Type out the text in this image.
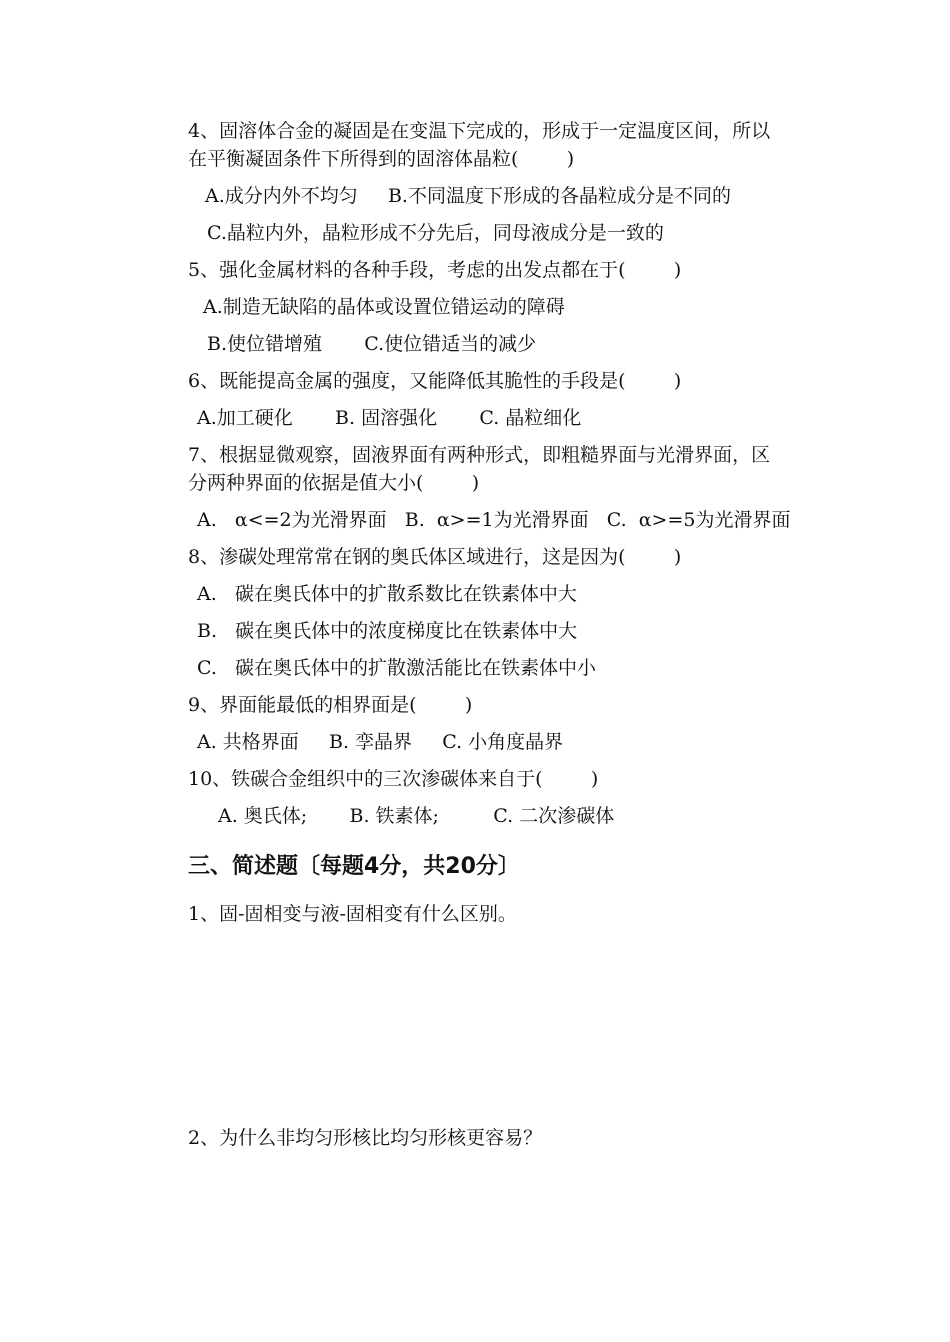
4、固溶体合金的凝固是在变温下完成的，形成于一定温度区间，所以
在平衡凝固条件下所得到的固溶体晶粒(        )
A.成分内外不均匀     B.不同温度下形成的各晶粒成分是不同的
C.晶粒内外，晶粒形成不分先后，同母液成分是一致的
5、强化金属材料的各种手段，考虑的出发点都在于(        )
A.制造无缺陷的晶体或设置位错运动的障碍
B.使位错增殖       C.使位错适当的减少
6、既能提高金属的强度，又能降低其脆性的手段是(        )
A.加工硬化       B. 固溶强化       C. 晶粒细化
7、根据显微观察，固液界面有两种形式，即粗糙界面与光滑界面，区
分两种界面的依据是值大小(        )
A.   α<=2为光滑界面   B.  α>=1为光滑界面   C.  α>=5为光滑界面
8、渗碳处理常常在钢的奥氏体区域进行，这是因为(        )
A.   碳在奥氏体中的扩散系数比在铁素体中大
B.   碳在奥氏体中的浓度梯度比在铁素体中大
C.   碳在奥氏体中的扩散激活能比在铁素体中小
9、界面能最低的相界面是(        )
A. 共格界面     B. 孪晶界     C. 小角度晶界
10、铁碳合金组织中的三次渗碳体来自于(        )
A. 奥氏体;       B. 铁素体;         C. 二次渗碳体
三、简述题〔每题4分，共20分〕
1、固-固相变与液-固相变有什么区别。
2、为什么非均匀形核比均匀形核更容易？
